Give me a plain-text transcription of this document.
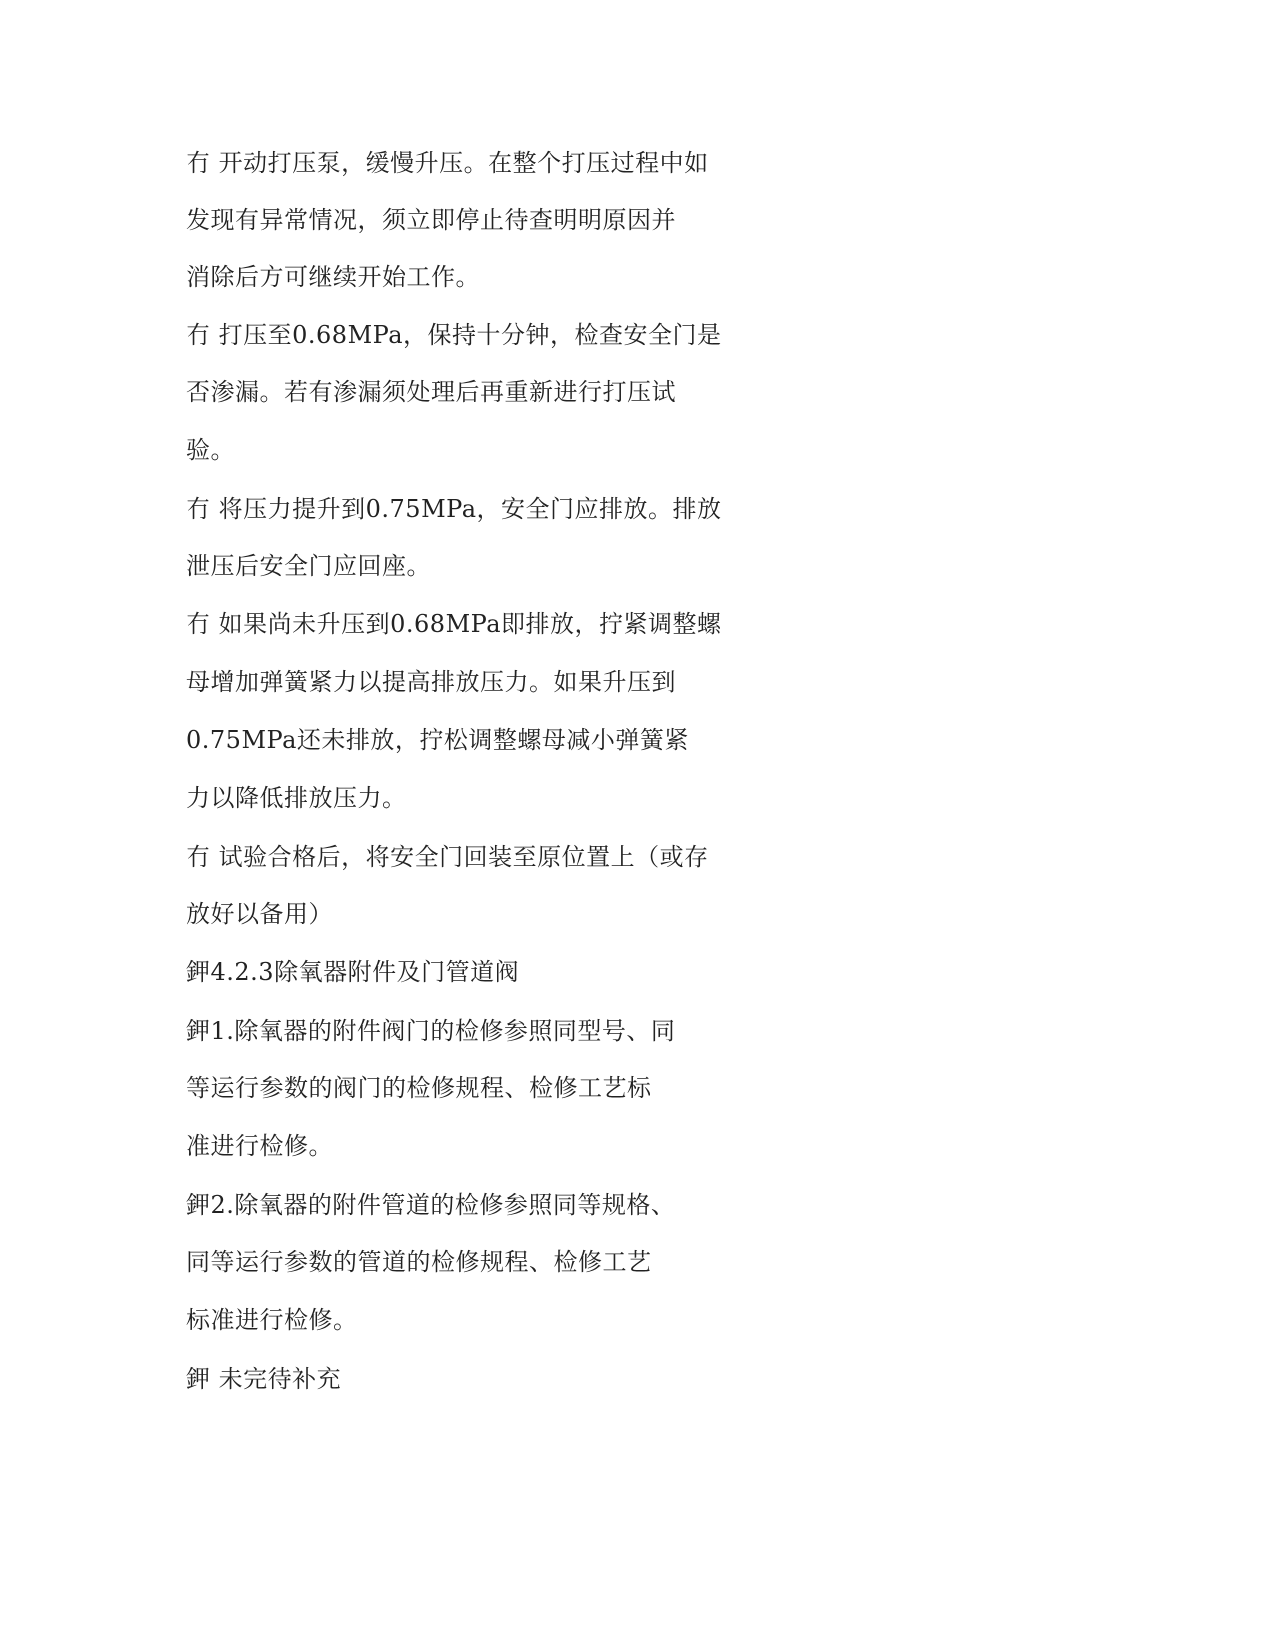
冇 开动打压泵，缓慢升压。在整个打压过程中如
发现有异常情况，须立即停止待查明明原因并
消除后方可继续开始工作。
冇 打压至0.68MPa，保持十分钟，检查安全门是
否渗漏。若有渗漏须处理后再重新进行打压试
验。
冇 将压力提升到0.75MPa，安全门应排放。排放
泄压后安全门应回座。
冇 如果尚未升压到0.68MPa即排放，拧紧调整螺
母增加弹簧紧力以提高排放压力。如果升压到
0.75MPa还未排放，拧松调整螺母减小弹簧紧
力以降低排放压力。
冇 试验合格后，将安全门回装至原位置上（或存
放好以备用）
鉀4.2.3除氧器附件及门管道阀
鉀1.除氧器的附件阀门的检修参照同型号、同
等运行参数的阀门的检修规程、检修工艺标
准进行检修。
鉀2.除氧器的附件管道的检修参照同等规格、
同等运行参数的管道的检修规程、检修工艺
标准进行检修。
鉀 未完待补充
